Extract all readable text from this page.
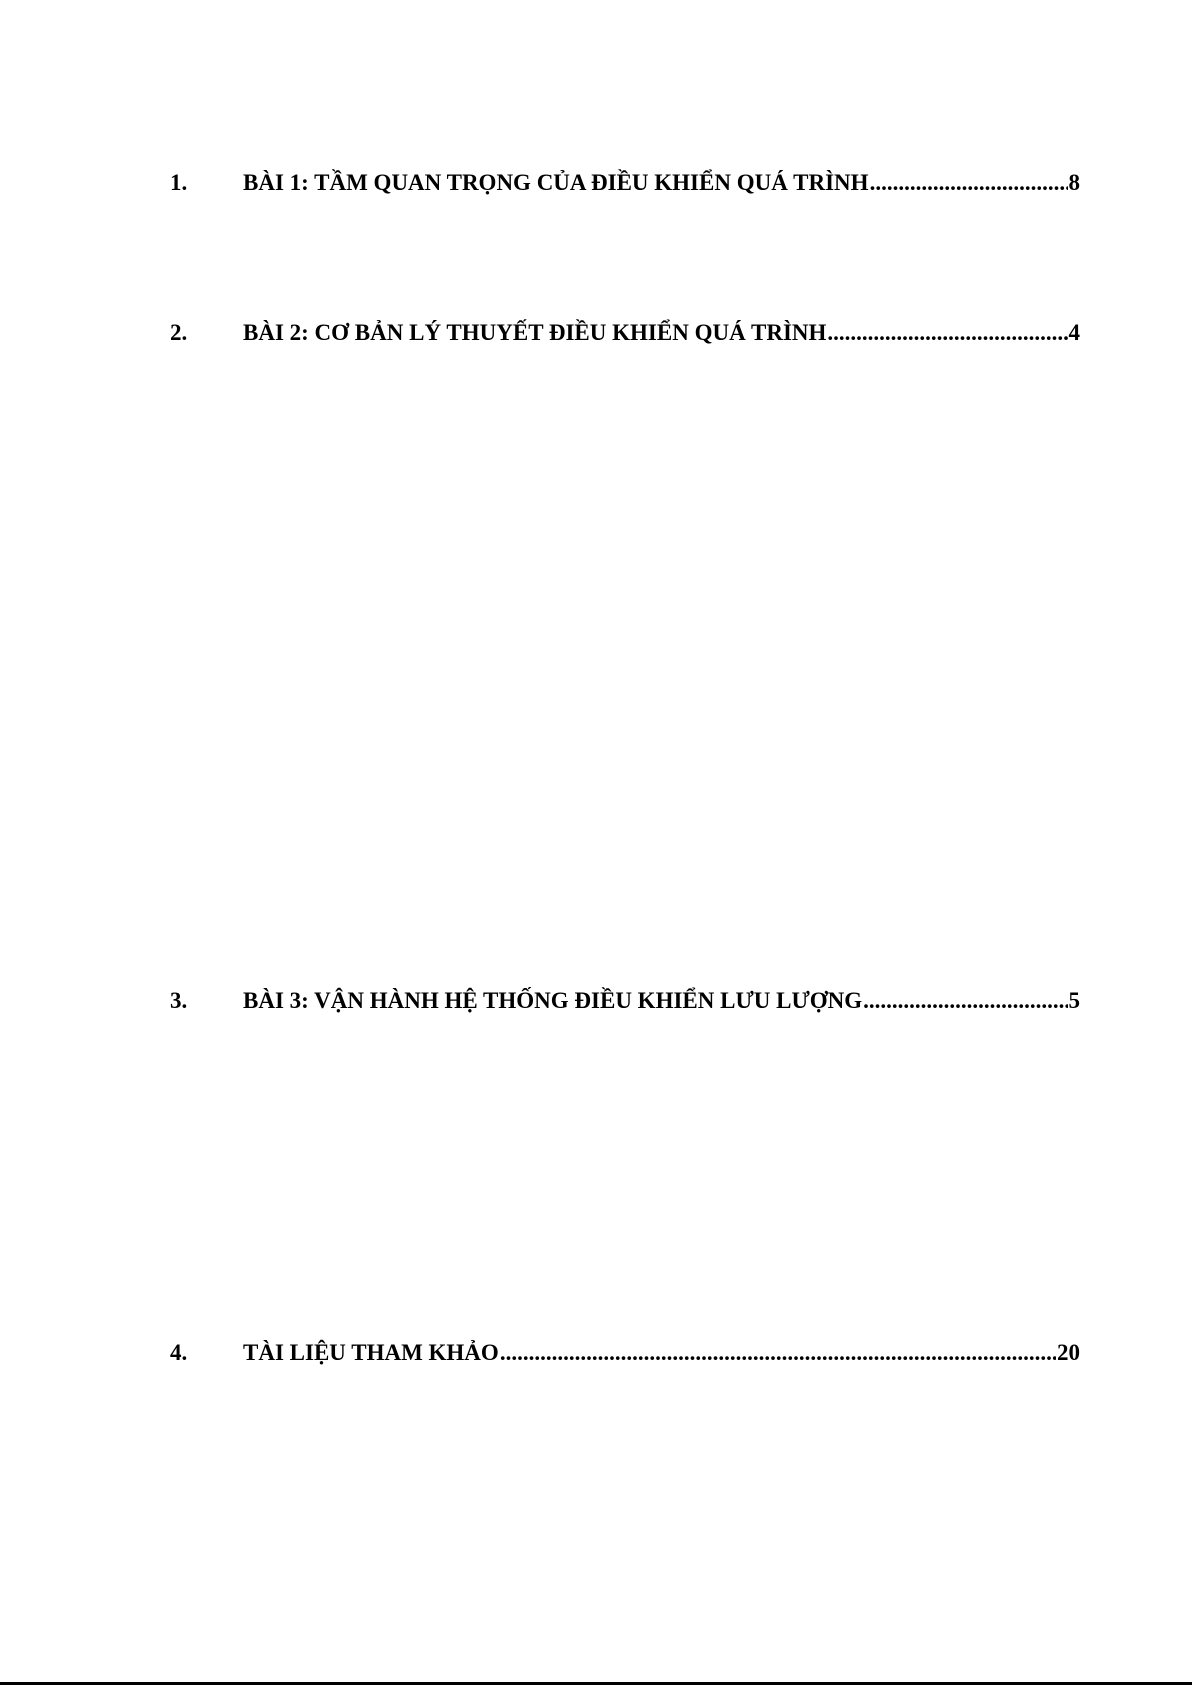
1.	BÀI 1: TẦM QUAN TRỌNG CỦA ĐIỀU KHIỂN QUÁ TRÌNH .....	8
2.	BÀI 2: CƠ BẢN LÝ THUYẾT ĐIỀU KHIỂN QUÁ TRÌNH .....	4
3.	BÀI 3: VẬN HÀNH HỆ THỐNG ĐIỀU KHIỂN LƯU LƯỢNG .....	5
4.	TÀI LIỆU THAM KHẢO .....	20
